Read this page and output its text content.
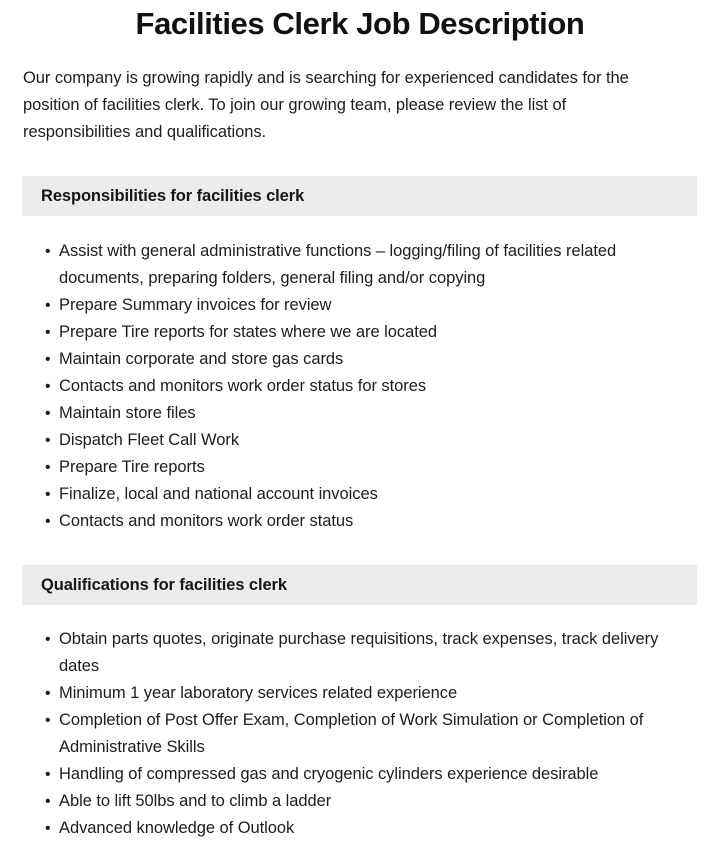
Facilities Clerk Job Description

Our company is growing rapidly and is searching for experienced candidates for the position of facilities clerk. To join our growing team, please review the list of responsibilities and qualifications.

Responsibilities for facilities clerk
• Assist with general administrative functions – logging/filing of facilities related documents, preparing folders, general filing and/or copying
• Prepare Summary invoices for review
• Prepare Tire reports for states where we are located
• Maintain corporate and store gas cards
• Contacts and monitors work order status for stores
• Maintain store files
• Dispatch Fleet Call Work
• Prepare Tire reports
• Finalize, local and national account invoices
• Contacts and monitors work order status
Qualifications for facilities clerk
• Obtain parts quotes, originate purchase requisitions, track expenses, track delivery dates
• Minimum 1 year laboratory services related experience
• Completion of Post Offer Exam, Completion of Work Simulation or Completion of Administrative Skills
• Handling of compressed gas and cryogenic cylinders experience desirable
• Able to lift 50lbs and to climb a ladder
• Advanced knowledge of Outlook
